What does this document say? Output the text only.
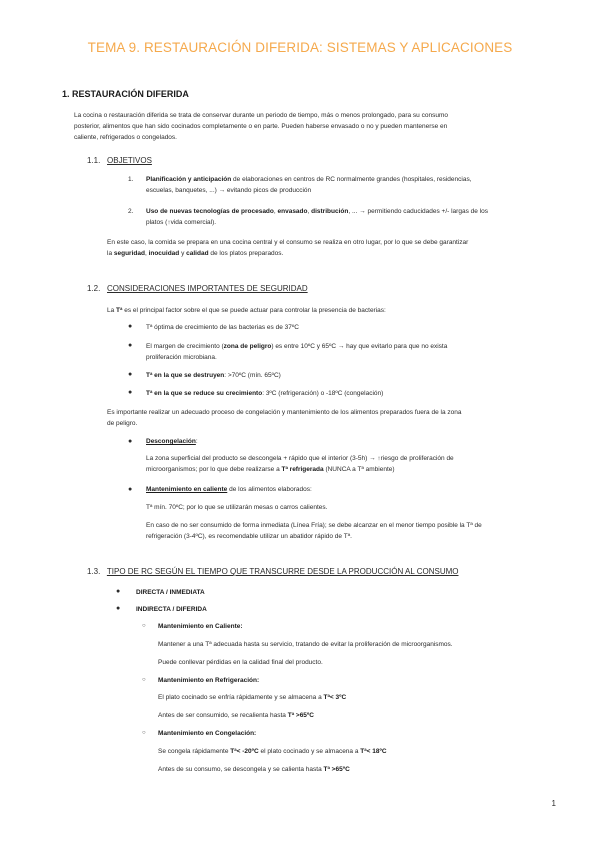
TEMA 9. RESTAURACIÓN DIFERIDA: SISTEMAS Y APLICACIONES
1. RESTAURACIÓN DIFERIDA
La cocina o restauración diferida se trata de conservar durante un periodo de tiempo, más o menos prolongado, para su consumo
posterior, alimentos que han sido cocinados completamente o en parte. Pueden haberse envasado o no y pueden mantenerse en
caliente, refrigerados o congelados.
1.1. OBJETIVOS
1. Planificación y anticipación de elaboraciones en centros de RC normalmente grandes (hospitales, residencias,
escuelas, banquetes, ...) → evitando picos de producción
2. Uso de nuevas tecnologías de procesado, envasado, distribución, ... → permitiendo caducidades +/- largas de los
platos (↑vida comercial).
En este caso, la comida se prepara en una cocina central y el consumo se realiza en otro lugar, por lo que se debe garantizar
la seguridad, inocuidad y calidad de los platos preparados.
1.2. CONSIDERACIONES IMPORTANTES DE SEGURIDAD
La Tª es el principal factor sobre el que se puede actuar para controlar la presencia de bacterias:
● Tª óptima de crecimiento de las bacterias es de 37ºC
● El margen de crecimiento (zona de peligro) es entre 10ºC y 65ºC → hay que evitarlo para que no exista
proliferación microbiana.
● Tª en la que se destruyen: >70ºC (mín. 65ºC)
● Tª en la que se reduce su crecimiento: 3ºC (refrigeración) o -18ºC (congelación)
Es importante realizar un adecuado proceso de congelación y mantenimiento de los alimentos preparados fuera de la zona
de peligro.
● Descongelación:
La zona superficial del producto se descongela + rápido que el interior (3-5h) → ↑riesgo de proliferación de
microorganismos; por lo que debe realizarse a Tª refrigerada (NUNCA a Tª ambiente)
● Mantenimiento en caliente de los alimentos elaborados:
Tª mín. 70ºC; por lo que se utilizarán mesas o carros calientes.
En caso de no ser consumido de forma inmediata (Línea Fría); se debe alcanzar en el menor tiempo posible la Tª de
refrigeración (3-4ºC), es recomendable utilizar un abatidor rápido de Tª.
1.3. TIPO DE RC SEGÚN EL TIEMPO QUE TRANSCURRE DESDE LA PRODUCCIÓN AL CONSUMO
● DIRECTA / INMEDIATA
● INDIRECTA / DIFERIDA
○ Mantenimiento en Caliente:
Mantener a una Tª adecuada hasta su servicio, tratando de evitar la proliferación de microorganismos.
Puede conllevar pérdidas en la calidad final del producto.
○ Mantenimiento en Refrigeración:
El plato cocinado se enfría rápidamente y se almacena a Tª< 3ºC
Antes de ser consumido, se recalienta hasta Tª >65ºC
○ Mantenimiento en Congelación:
Se congela rápidamente Tª< -20ºC el plato cocinado y se almacena a Tª< 18ºC
Antes de su consumo, se descongela y se calienta hasta Tª >65ºC
1
